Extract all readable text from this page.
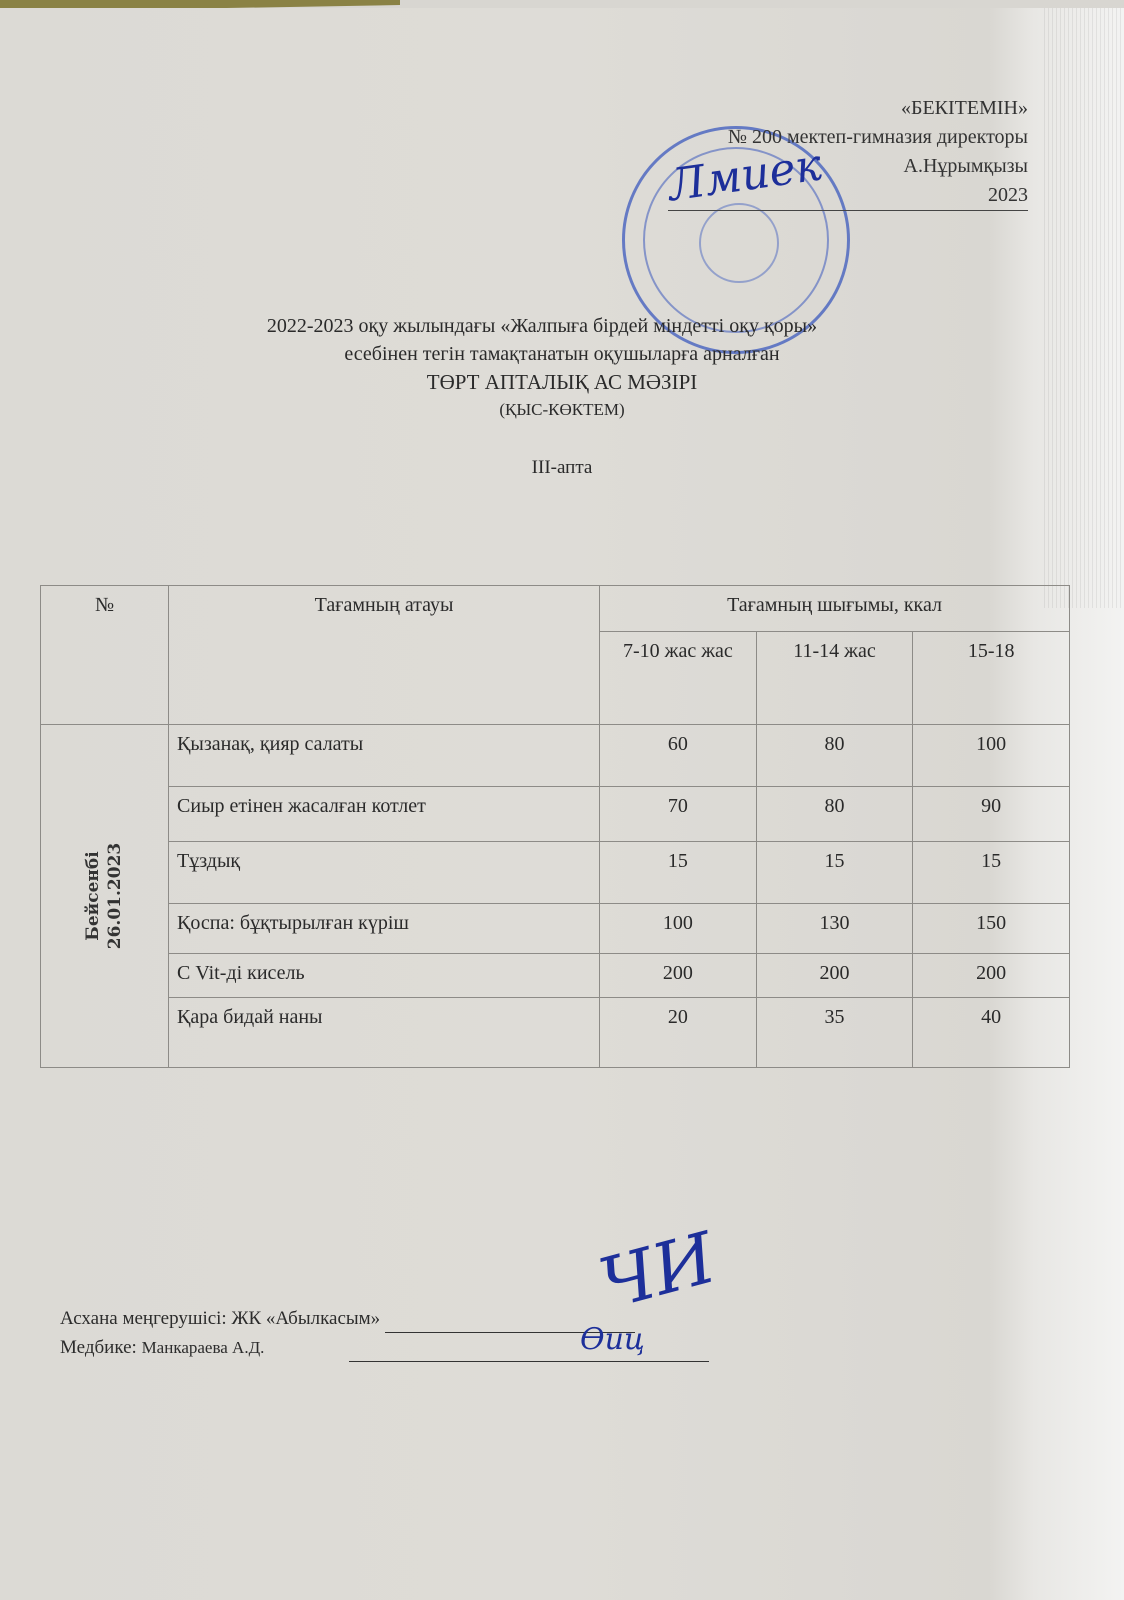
Лмиек
«БЕКІТЕМІН»
№ 200 мектеп-гимназия директоры
А.Нұрымқызы
2023
2022-2023 оқу жылындағы «Жалпыға бірдей міндетті оқу қоры»
есебінен тегін тамақтанатын оқушыларға арналған
ТӨРТ АПТАЛЫҚ АС МӘЗІРІ
(ҚЫС-КӨКТЕМ)
III-апта
№	Тағамның атауы	Тағамның шығымы, ккал		
		7-10 жас жас	11-14 жас	15-18
Бейсенбі 26.01.2023	Қызанақ, қияр салаты	60	80	100
	Сиыр етінен жасалған котлет	70	80	90
	Тұздық	15	15	15
	Қоспа: бұқтырылған күріш	100	130	150
	С Vit-ді кисель	200	200	200
	Қара бидай наны	20	35	40
Асхана меңгерушісі: ЖК «Абылкасым»
Медбике: Манкараева А.Д.
ЧИ
Ѳиц
